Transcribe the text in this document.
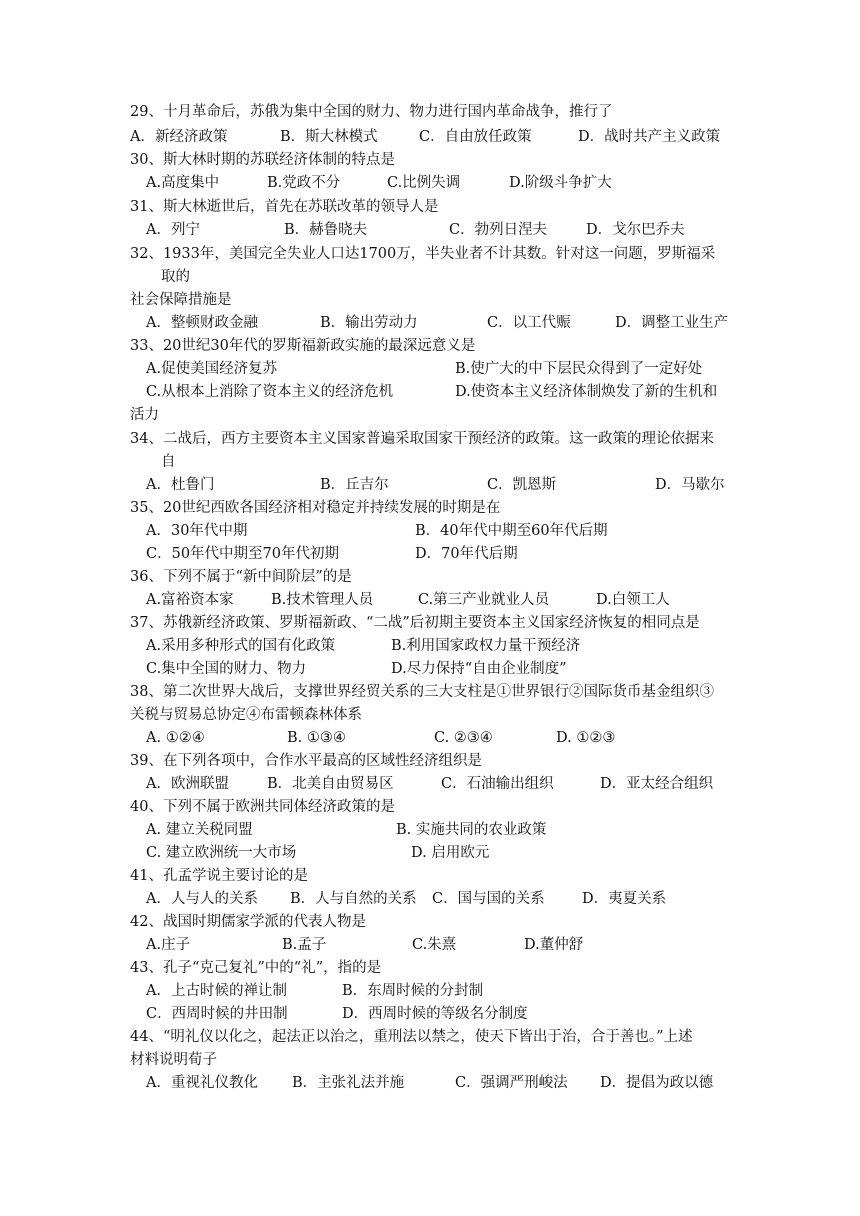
29、十月革命后，苏俄为集中全国的财力、物力进行国内革命战争，推行了
A．新经济政策	B．斯大林模式	C．自由放任政策	D．战时共产主义政策
30、斯大林时期的苏联经济体制的特点是
A.高度集中	B.党政不分	C.比例失调	D.阶级斗争扩大
31、斯大林逝世后，首先在苏联改革的领导人是
A．列宁	B．赫鲁晓夫	C．勃列日涅夫	D．戈尔巴乔夫
32、1933年，美国完全失业人口达1700万，半失业者不计其数。针对这一问题，罗斯福采
取的
社会保障措施是
A．整顿财政金融	B．输出劳动力	C．以工代赈	D．调整工业生产
33、20世纪30年代的罗斯福新政实施的最深远意义是
A.促使美国经济复苏	B.使广大的中下层民众得到了一定好处
C.从根本上消除了资本主义的经济危机	D.使资本主义经济体制焕发了新的生机和
活力
34、二战后，西方主要资本主义国家普遍采取国家干预经济的政策。这一政策的理论依据来
自
A．杜鲁门	B．丘吉尔	C．凯恩斯	D．马歇尔
35、20世纪西欧各国经济相对稳定并持续发展的时期是在
A．30年代中期	B．40年代中期至60年代后期
C．50年代中期至70年代初期	D．70年代后期
36、下列不属于“新中间阶层”的是
A.富裕资本家	B.技术管理人员	C.第三产业就业人员	D.白领工人
37、苏俄新经济政策、罗斯福新政、“二战”后初期主要资本主义国家经济恢复的相同点是
A.采用多种形式的国有化政策	B.利用国家政权力量干预经济
C.集中全国的财力、物力	D.尽力保持“自由企业制度”
38、第二次世界大战后，支撑世界经贸关系的三大支柱是①世界银行②国际货币基金组织③
关税与贸易总协定④布雷顿森林体系
A. ①②④	B. ①③④	C. ②③④	D. ①②③
39、在下列各项中，合作水平最高的区域性经济组织是
A．欧洲联盟	B．北美自由贸易区	C．石油输出组织	D．亚太经合组织
40、下列不属于欧洲共同体经济政策的是
A. 建立关税同盟	B. 实施共同的农业政策
C. 建立欧洲统一大市场	D. 启用欧元
41、孔孟学说主要讨论的是
A．人与人的关系 B．人与自然的关系 C．国与国的关系	D．夷夏关系
42、战国时期儒家学派的代表人物是
A.庄子	B.孟子	C.朱熹	D.董仲舒
43、孔子“克己复礼”中的“礼”，指的是
A．上古时候的禅让制	B．东周时候的分封制
C．西周时候的井田制	D．西周时候的等级名分制度
44、“明礼仪以化之，起法正以治之，重刑法以禁之，使天下皆出于治，合于善也。”上述
材料说明荀子
A．重视礼仪教化 B．主张礼法并施	C．强调严刑峻法 D．提倡为政以德
